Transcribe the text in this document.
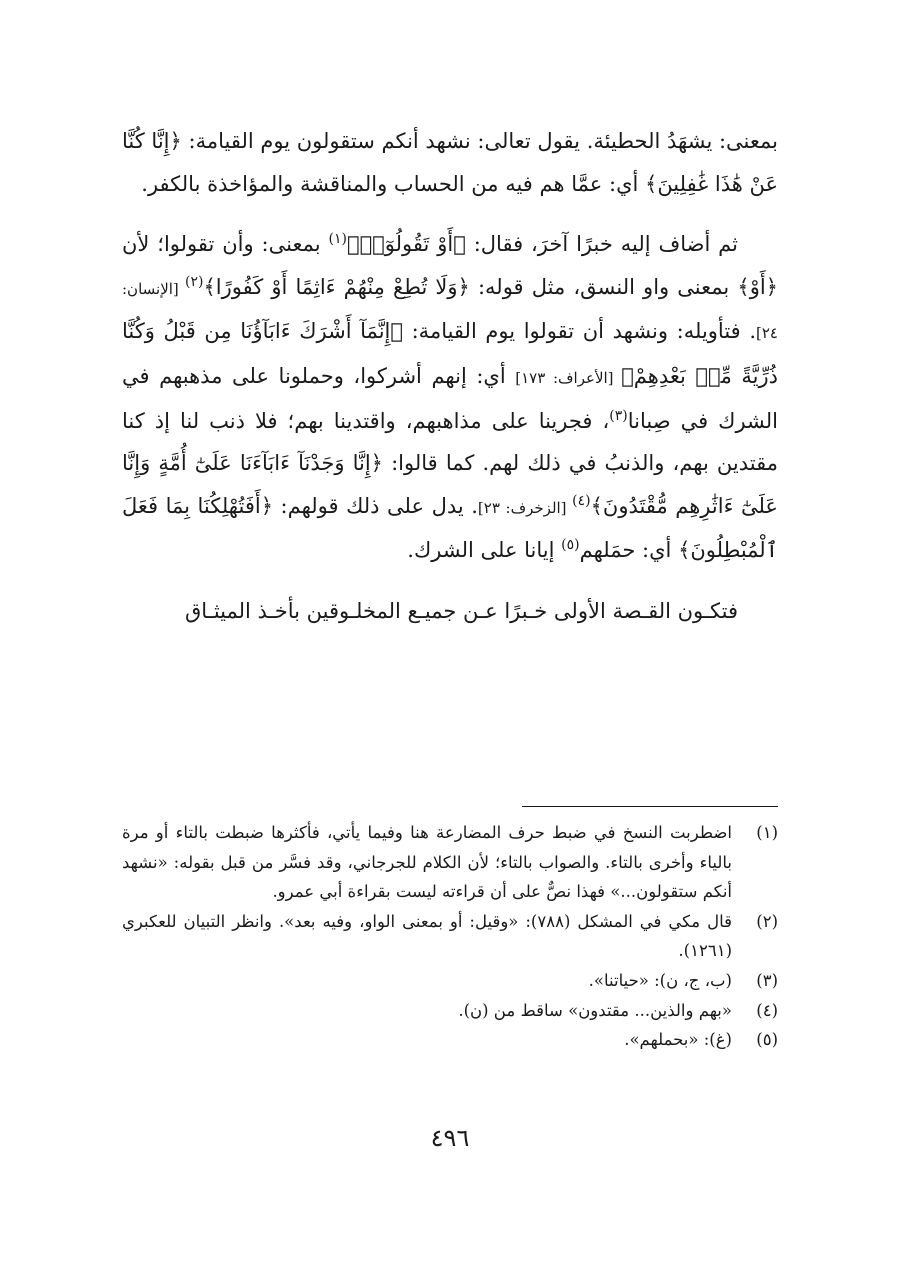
بمعنى: يشهَدُ الحطيئة. يقول تعالى: نشهد أنكم ستقولون يوم القيامة: ﴿إِنَّا كُنَّا عَنْ هَٰذَا غَٰفِلِينَ﴾ أي: عمَّا هم فيه من الحساب والمناقشة والمؤاخذة بالكفر.

ثم أضاف إليه خبرًا آخرَ، فقال: ﴿أَوْ تَقُولُوٓا۟﴾$^{(١)}$ بمعنى: وأن تقولوا؛ لأن ﴿أَوْ﴾ بمعنى واو النسق، مثل قوله: ﴿وَلَا تُطِعْ مِنْهُمْ ءَاثِمًا أَوْ كَفُورًا﴾$^{(٢)}$ [الإنسان: ٢٤]. فتأويله: ونشهد أن تقولوا يوم القيامة: ﴿إِنَّمَآ أَشْرَكَ ءَابَآؤُنَا مِن قَبْلُ وَكُنَّا ذُرِّيَّةً مِّنۢ بَعْدِهِمْ﴾ [الأعراف: ١٧٣] أي: إنهم أشركوا، وحملونا على مذهبهم في الشرك في صِبانا$^{(٣)}$، فجرينا على مذاهبهم، واقتدينا بهم؛ فلا ذنب لنا إذ كنا مقتدين بهم، والذنبُ في ذلك لهم. كما قالوا: ﴿إِنَّا وَجَدْنَآ ءَابَآءَنَا عَلَىٰٓ أُمَّةٍ وَإِنَّا عَلَىٰٓ ءَاثَٰرِهِم مُّقْتَدُونَ﴾$^{(٤)}$ [الزخرف: ٢٣]. يدل على ذلك قولهم: ﴿أَفَتُهْلِكُنَا بِمَا فَعَلَ ٱلْمُبْطِلُونَ﴾ أي: حمَلهم$^{(٥)}$ إيانا على الشرك.

فتكـون القـصة الأولى خـبرًا عـن جميـع المخلـوقين بأخـذ الميثـاق

(١)
اضطربت النسخ في ضبط حرف المضارعة هنا وفيما يأتي، فأكثرها ضبطت بالتاء أو مرة بالياء وأخرى بالتاء. والصواب بالتاء؛ لأن الكلام للجرجاني، وقد فسَّر من قبل بقوله: «نشهد أنكم ستقولون...» فهذا نصٌّ على أن قراءته ليست بقراءة أبي عمرو.
(٢)
قال مكي في المشكل (٧٨٨): «وقيل: أو بمعنى الواو، وفيه بعد». وانظر التبيان للعكبري (١٢٦١).
(٣)
(ب، ج، ن): «حياتنا».
(٤)
«بهم والذين... مقتدون» ساقط من (ن).
(٥)
(غ): «بحملهم».
٤٩٦
